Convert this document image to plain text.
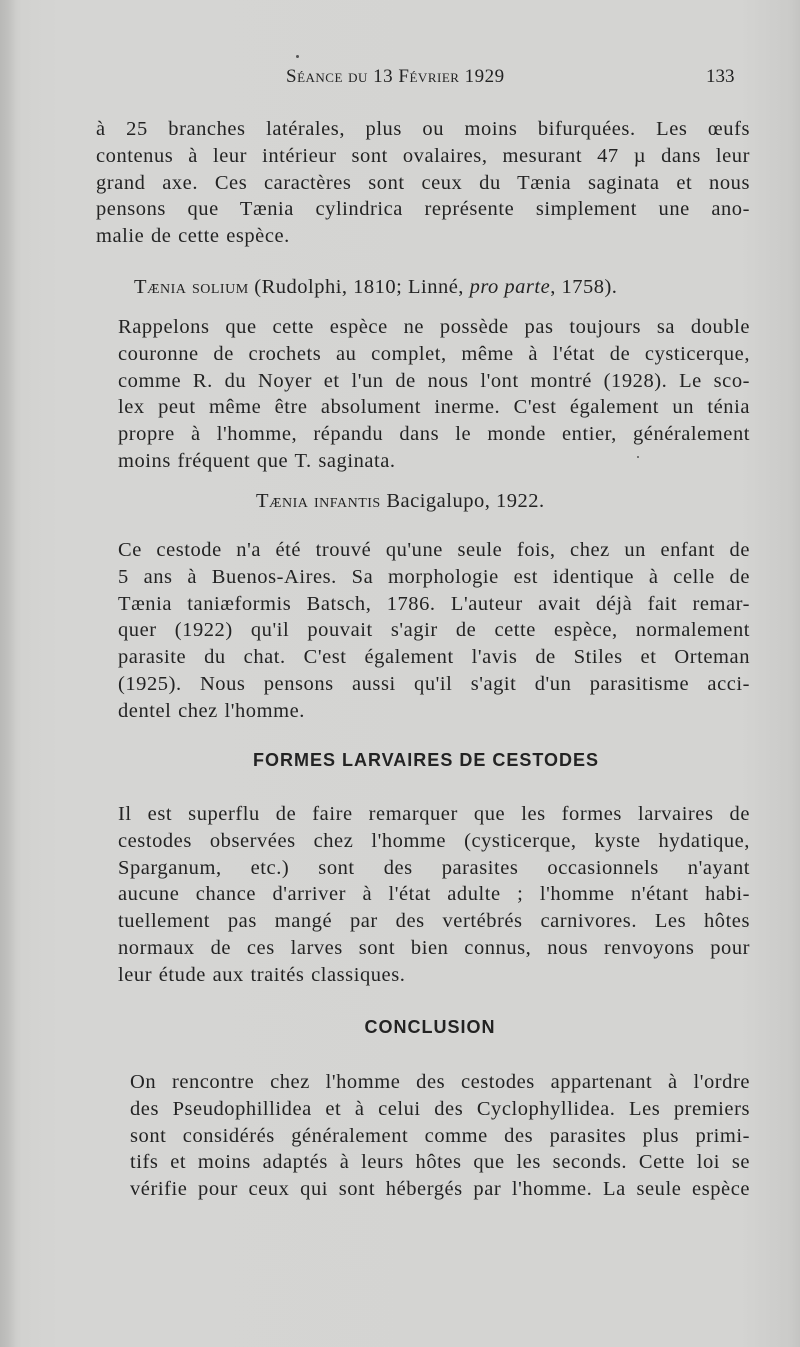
Séance du 13 Février 1929	133
à 25 branches latérales, plus ou moins bifurquées. Les œufs
contenus à leur intérieur sont ovalaires, mesurant 47 µ dans leur
grand axe. Ces caractères sont ceux du Tænia saginata et nous
pensons que Tænia cylindrica représente simplement une ano-
malie de cette espèce.
Tænia solium (Rudolphi, 1810; Linné, pro parte, 1758).
Rappelons que cette espèce ne possède pas toujours sa double
couronne de crochets au complet, même à l'état de cysticerque,
comme R. du Noyer et l'un de nous l'ont montré (1928). Le sco-
lex peut même être absolument inerme. C'est également un ténia
propre à l'homme, répandu dans le monde entier, généralement
moins fréquent que T. saginata.
Tænia infantis Bacigalupo, 1922.
Ce cestode n'a été trouvé qu'une seule fois, chez un enfant de
5 ans à Buenos-Aires. Sa morphologie est identique à celle de
Tænia taniæformis Batsch, 1786. L'auteur avait déjà fait remar-
quer (1922) qu'il pouvait s'agir de cette espèce, normalement
parasite du chat. C'est également l'avis de Stiles et Orteman
(1925). Nous pensons aussi qu'il s'agit d'un parasitisme acci-
dentel chez l'homme.
FORMES LARVAIRES DE CESTODES
Il est superflu de faire remarquer que les formes larvaires de
cestodes observées chez l'homme (cysticerque, kyste hydatique,
Sparganum, etc.) sont des parasites occasionnels n'ayant
aucune chance d'arriver à l'état adulte ; l'homme n'étant habi-
tuellement pas mangé par des vertébrés carnivores. Les hôtes
normaux de ces larves sont bien connus, nous renvoyons pour
leur étude aux traités classiques.
CONCLUSION
On rencontre chez l'homme des cestodes appartenant à l'ordre
des Pseudophillidea et à celui des Cyclophyllidea. Les premiers
sont considérés généralement comme des parasites plus primi-
tifs et moins adaptés à leurs hôtes que les seconds. Cette loi se
vérifie pour ceux qui sont hébergés par l'homme. La seule espèce
